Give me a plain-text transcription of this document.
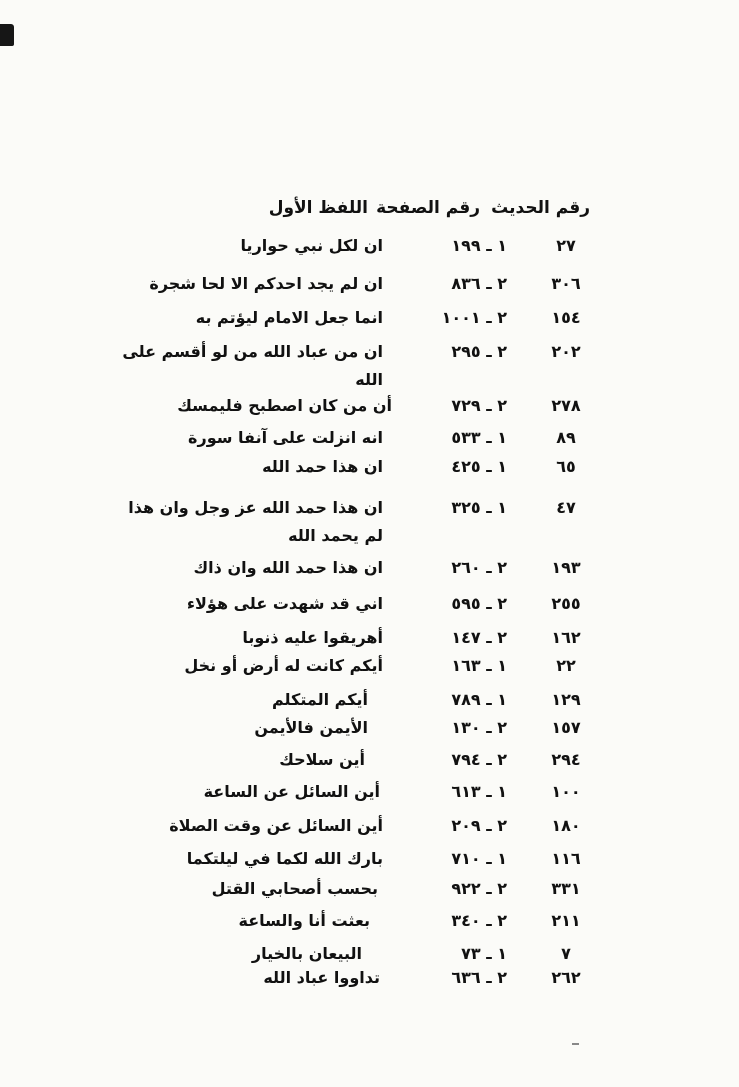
رقم الحديث
رقم الصفحة
اللفظ الأول
٢٧
١ ـ ١٩٩
ان لكل نبي حواريا
٣٠٦
٢ ـ ٨٣٦
ان لم يجد احدكم الا لحا شجرة
١٥٤
٢ ـ ١٠٠١
انما جعل الامام ليؤتم به
٢٠٢
٢ ـ ٢٩٥
ان من عباد الله من لو أقسم على
الله
٢٧٨
٢ ـ ٧٢٩
أن من كان اصطبح فليمسك
٨٩
١ ـ ٥٣٣
انه انزلت على آنفا سورة
٦٥
١ ـ ٤٢٥
ان هذا حمد الله
٤٧
١ ـ ٣٢٥
ان هذا حمد الله عز وجل وان هذا
لم يحمد الله
١٩٣
٢ ـ ٢٦٠
ان هذا حمد الله وان ذاك
٢٥٥
٢ ـ ٥٩٥
اني قد شهدت على هؤلاء
١٦٢
٢ ـ ١٤٧
أهريقوا عليه ذنوبا
٢٢
١ ـ ١٦٣
أيكم كانت له أرض أو نخل
١٢٩
١ ـ ٧٨٩
أيكم المتكلم
١٥٧
٢ ـ ١٣٠
الأيمن فالأيمن
٢٩٤
٢ ـ ٧٩٤
أين سلاحك
١٠٠
١ ـ ٦١٣
أين السائل عن الساعة
١٨٠
٢ ـ ٢٠٩
أين السائل عن وقت الصلاة
١١٦
١ ـ ٧١٠
بارك الله لكما في ليلتكما
٣٣١
٢ ـ ٩٢٢
بحسب أصحابي القتل
٢١١
٢ ـ ٣٤٠
بعثت أنا والساعة
٧
١ ـ ٧٣
البيعان بالخيار
٢٦٢
٢ ـ ٦٣٦
تداووا عباد الله
